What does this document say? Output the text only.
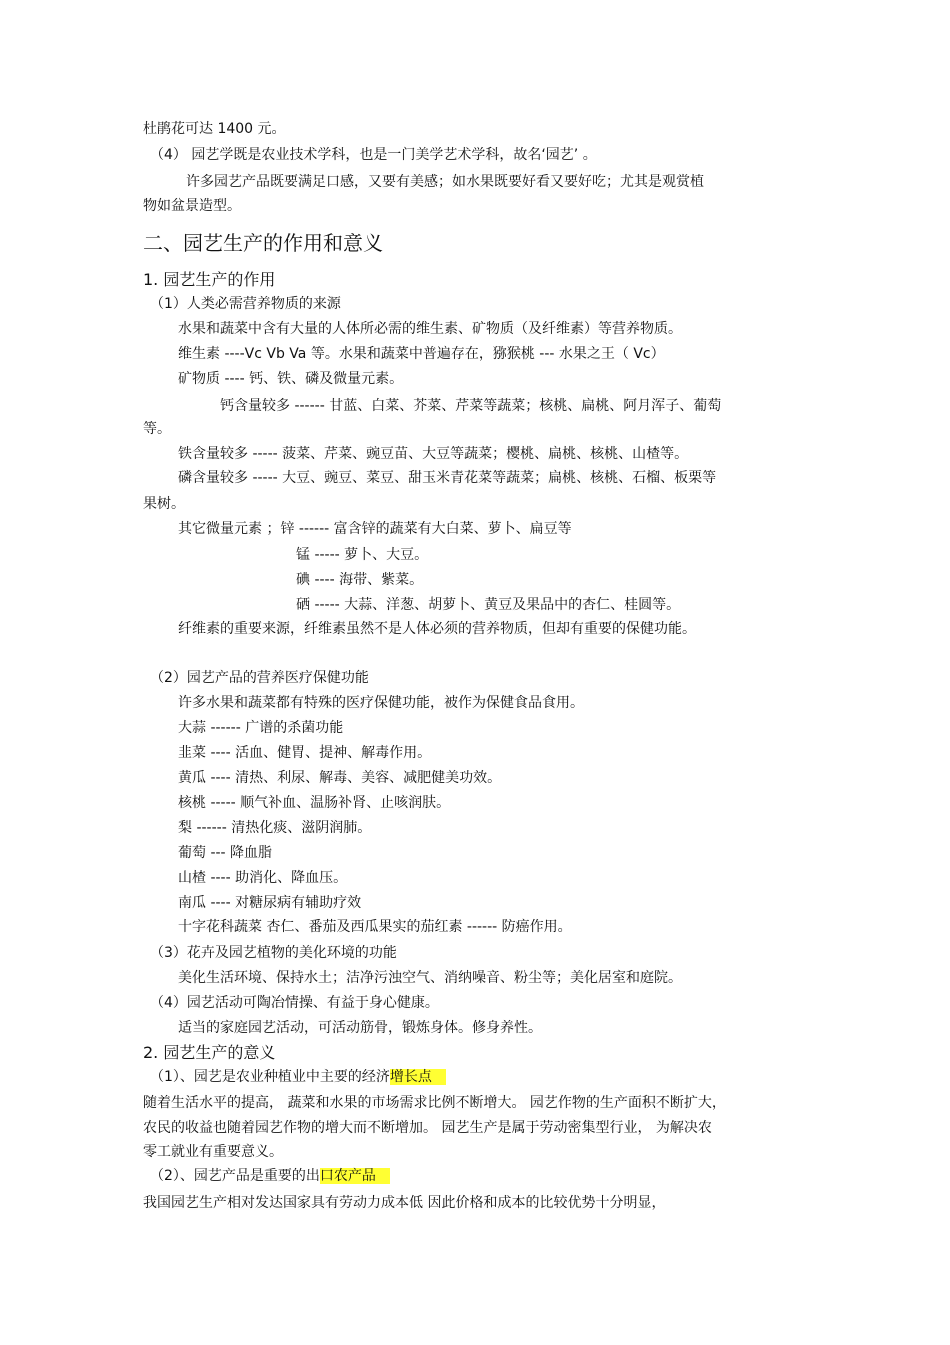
杜鹃花可达 1400 元。
（4） 园艺学既是农业技术学科，也是一门美学艺术学科，故名‘园艺’ 。
许多园艺产品既要满足口感，又要有美感；如水果既要好看又要好吃；尤其是观赏植
物如盆景造型。
二、园艺生产的作用和意义
1. 园艺生产的作用
（1）人类必需营养物质的来源
水果和蔬菜中含有大量的人体所必需的维生素、矿物质（及纤维素）等营养物质。
维生素 ----Vc Vb Va 等。水果和蔬菜中普遍存在，猕猴桃 --- 水果之王（ Vc）
矿物质 ---- 钙、铁、磷及微量元素。
钙含量较多 ------ 甘蓝、白菜、芥菜、芹菜等蔬菜；核桃、扁桃、阿月浑子、葡萄
等。
铁含量较多 ----- 菠菜、芹菜、豌豆苗、大豆等蔬菜；樱桃、扁桃、核桃、山楂等。
磷含量较多 ----- 大豆、豌豆、菜豆、甜玉米青花菜等蔬菜；扁桃、核桃、石榴、板栗等
果树。
其它微量元素 ；锌 ------ 富含锌的蔬菜有大白菜、萝卜、扁豆等
锰 ----- 萝卜、大豆。
碘 ---- 海带、紫菜。
硒 ----- 大蒜、洋葱、胡萝卜、黄豆及果品中的杏仁、桂圆等。
纤维素的重要来源，纤维素虽然不是人体必须的营养物质，但却有重要的保健功能。
（2）园艺产品的营养医疗保健功能
许多水果和蔬菜都有特殊的医疗保健功能，被作为保健食品食用。
大蒜 ------ 广谱的杀菌功能
韭菜 ---- 活血、健胃、提神、解毒作用。
黄瓜 ---- 清热、利尿、解毒、美容、减肥健美功效。
核桃 ----- 顺气补血、温肠补肾、止咳润肤。
梨 ------ 清热化痰、滋阴润肺。
葡萄 --- 降血脂
山楂 ---- 助消化、降血压。
南瓜 ---- 对糖尿病有辅助疗效
十字花科蔬菜 杏仁、番茄及西瓜果实的茄红素 ------ 防癌作用。
（3）花卉及园艺植物的美化环境的功能
美化生活环境、保持水土；洁净污浊空气、消纳噪音、粉尘等；美化居室和庭院。
（4）园艺活动可陶冶情操、有益于身心健康。
适当的家庭园艺活动，可活动筋骨，锻炼身体。修身养性。
2. 园艺生产的意义
（1）、园艺是农业种植业中主要的经济增长点
随着生活水平的提高， 蔬菜和水果的市场需求比例不断增大。 园艺作物的生产面积不断扩大，
农民的收益也随着园艺作物的增大而不断增加。 园艺生产是属于劳动密集型行业， 为解决农
零工就业有重要意义。
（2）、园艺产品是重要的出口农产品
我国园艺生产相对发达国家具有劳动力成本低 因此价格和成本的比较优势十分明显，
